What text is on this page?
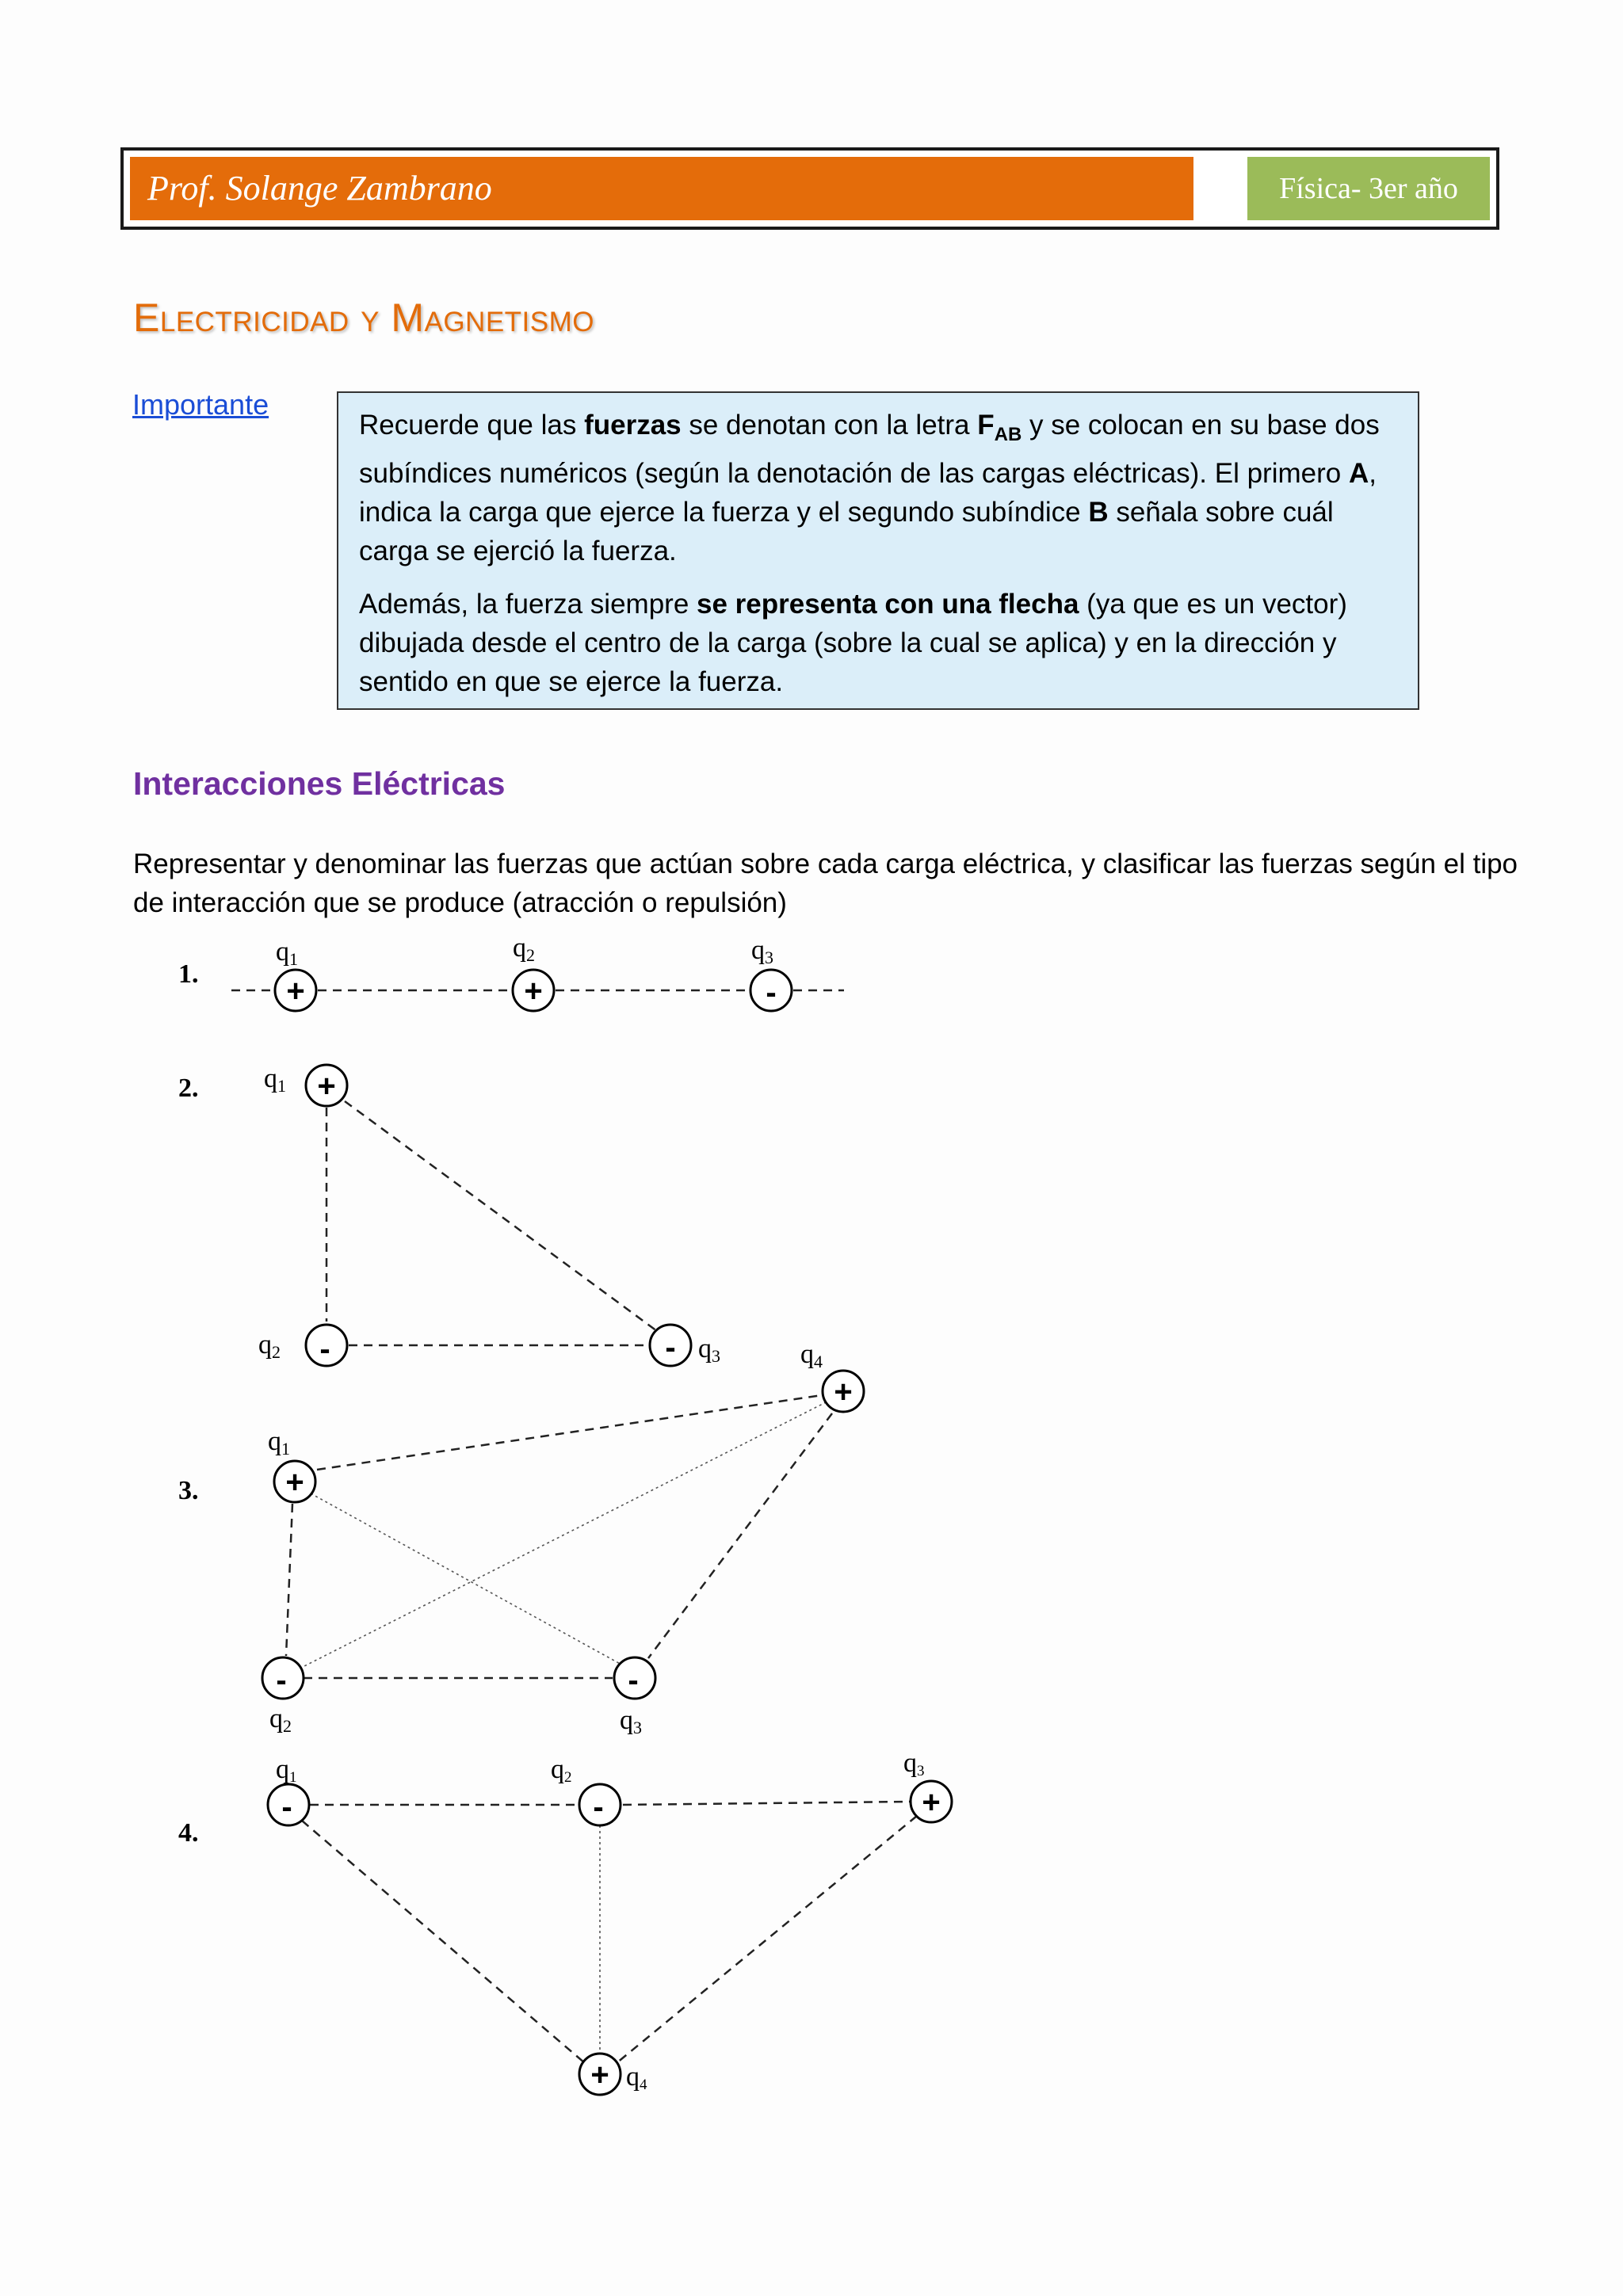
Prof. Solange Zambrano	Física- 3er año
Electricidad y Magnetismo
Importante

Recuerde que las fuerzas se denotan con la letra $F_{AB}$ y se colocan en su base dos subíndices numéricos (según la denotación de las cargas eléctricas). El primero A, indica la carga que ejerce la fuerza y el segundo subíndice B señala sobre cuál carga se ejerció la fuerza.

Además, la fuerza siempre se representa con una flecha (ya que es un vector) dibujada desde el centro de la carga (sobre la cual se aplica) y en la dirección y sentido en que se ejerce la fuerza.

Interacciones Eléctricas
Representar y denominar las fuerzas que actúan sobre cada carga eléctrica, y clasificar las fuerzas según el tipo de interacción que se produce (atracción o repulsión)
1.
2.
3.
4.
+
q1
+
q2
-
q3
+
q1
-
q2	- q3
+
q1
-
q2
-
q3
+
q4
-
q1
-
q2
+
q3
+ q4
